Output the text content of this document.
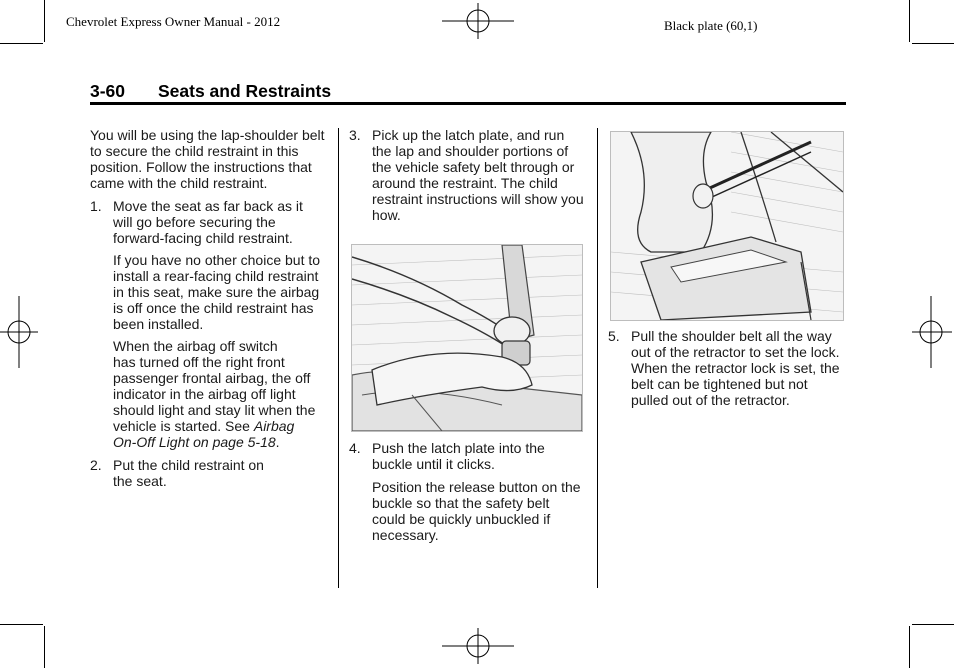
Chevrolet Express Owner Manual - 2012	Black plate (60,1)
3-60 Seats and Restraints

You will be using the lap-shoulder belt to secure the child restraint in this position. Follow the instructions that came with the child restraint.

1. Move the seat as far back as it will go before securing the forward-facing child restraint.

If you have no other choice but to install a rear-facing child restraint in this seat, make sure the airbag is off once the child restraint has been installed.

When the airbag off switch
has turned off the right front
passenger frontal airbag, the off
indicator in the airbag off light
should light and stay lit when the
vehicle is started. See Airbag
On-Off Light on page 5-18.
2. Put the child restraint on the seat.

3. Pick up the latch plate, and run the lap and shoulder portions of the vehicle safety belt through or around the restraint. The child restraint instructions will show you how.

4. Push the latch plate into the buckle until it clicks.

Position the release button on the buckle so that the safety belt could be quickly unbuckled if necessary.

5. Pull the shoulder belt all the way out of the retractor to set the lock. When the retractor lock is set, the belt can be tightened but not pulled out of the retractor.
